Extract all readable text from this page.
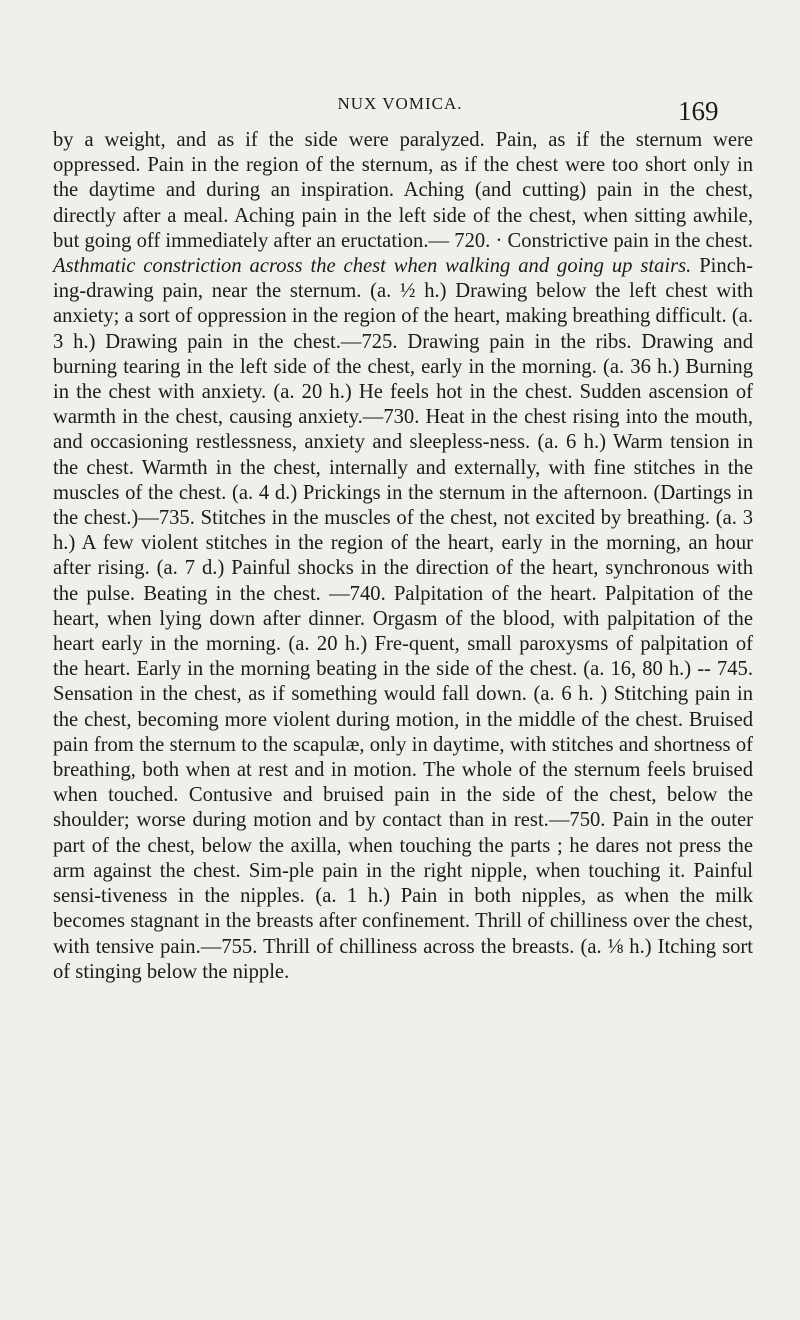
NUX VOMICA.	169

by a weight, and as if the side were paralyzed. Pain, as if the sternum were oppressed. Pain in the region of the sternum, as if the chest were too short only in the daytime and during an inspiration. Aching (and cutting) pain in the chest, directly after a meal. Aching pain in the left side of the chest, when sitting awhile, but going off immediately after an eructation.— 720. · Constrictive pain in the chest. Asthmatic constriction across the chest when walking and going up stairs. Pinch-ing-drawing pain, near the sternum. (a. ½ h.) Drawing below the left chest with anxiety; a sort of oppression in the region of the heart, making breathing difficult. (a. 3 h.) Drawing pain in the chest.—725. Drawing pain in the ribs. Drawing and burning tearing in the left side of the chest, early in the morning. (a. 36 h.) Burning in the chest with anxiety. (a. 20 h.) He feels hot in the chest. Sudden ascension of warmth in the chest, causing anxiety.—730. Heat in the chest rising into the mouth, and occasioning restlessness, anxiety and sleepless-ness. (a. 6 h.) Warm tension in the chest. Warmth in the chest, internally and externally, with fine stitches in the muscles of the chest. (a. 4 d.) Prickings in the sternum in the afternoon. (Dartings in the chest.)—735. Stitches in the muscles of the chest, not excited by breathing. (a. 3 h.) A few violent stitches in the region of the heart, early in the morning, an hour after rising. (a. 7 d.) Painful shocks in the direction of the heart, synchronous with the pulse. Beating in the chest. —740. Palpitation of the heart. Palpitation of the heart, when lying down after dinner. Orgasm of the blood, with palpitation of the heart early in the morning. (a. 20 h.) Fre-quent, small paroxysms of palpitation of the heart. Early in the morning beating in the side of the chest. (a. 16, 80 h.) -- 745. Sensation in the chest, as if something would fall down. (a. 6 h. ) Stitching pain in the chest, becoming more violent during motion, in the middle of the chest. Bruised pain from the sternum to the scapulæ, only in daytime, with stitches and shortness of breathing, both when at rest and in motion. The whole of the sternum feels bruised when touched. Contusive and bruised pain in the side of the chest, below the shoulder; worse during motion and by contact than in rest.—750. Pain in the outer part of the chest, below the axilla, when touching the parts ; he dares not press the arm against the chest. Sim-ple pain in the right nipple, when touching it. Painful sensi-tiveness in the nipples. (a. 1 h.) Pain in both nipples, as when the milk becomes stagnant in the breasts after confinement. Thrill of chilliness over the chest, with tensive pain.—755. Thrill of chilliness across the breasts. (a. ⅛ h.) Itching sort of stinging below the nipple.
